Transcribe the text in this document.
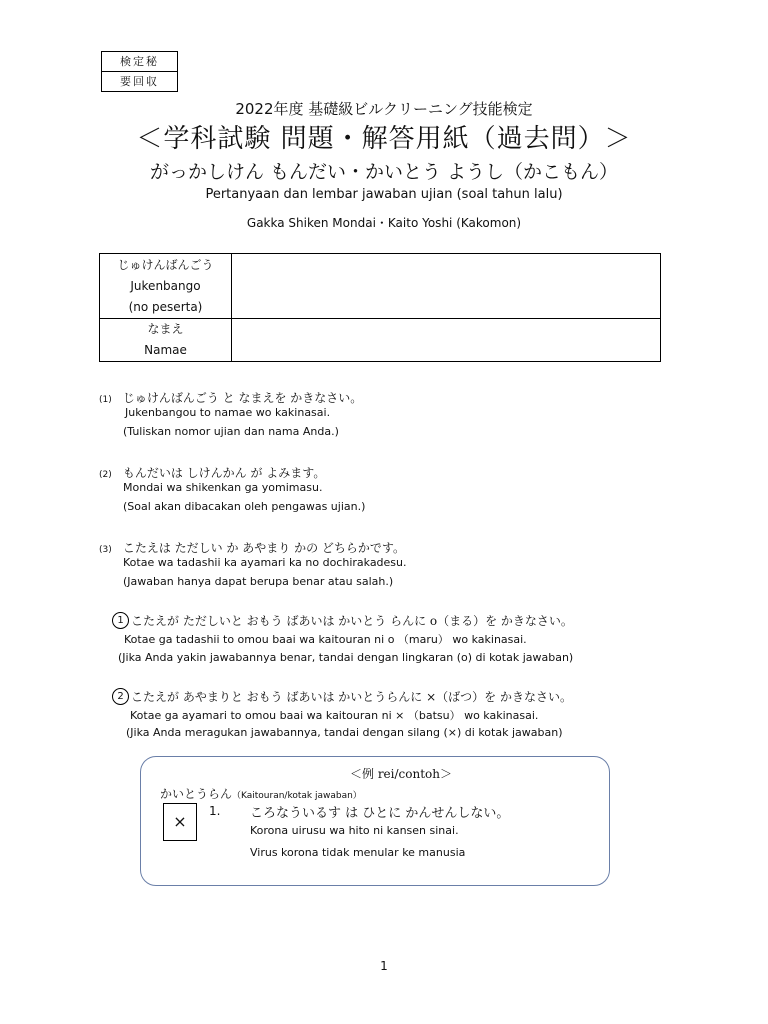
検定秘
要回収
2022年度 基礎級ビルクリーニング技能検定
＜学科試験 問題・解答用紙（過去問）＞
がっかしけん もんだい・かいとう ようし（かこもん）
Pertanyaan dan lembar jawaban ujian (soal tahun lalu)
Gakka Shiken Mondai・Kaito Yoshi (Kakomon)
じゅけんばんごう
Jukenbango
(no peserta)	

なまえ
Namae	

(1) じゅけんばんごう と なまえを かきなさい。
Jukenbangou to namae wo kakinasai.
(Tuliskan nomor ujian dan nama Anda.)
(2) もんだいは しけんかん が よみます。
Mondai wa shikenkan ga yomimasu.
(Soal akan dibacakan oleh pengawas ujian.)
(3) こたえは ただしい か あやまり かの どちらかです。
Kotae wa tadashii ka ayamari ka no dochirakadesu.
(Jawaban hanya dapat berupa benar atau salah.)
1 こたえが ただしいと おもう ばあいは かいとう らんに o（まる）を かきなさい。
Kotae ga tadashii to omou baai wa kaitouran ni o （maru） wo kakinasai.
(Jika Anda yakin jawabannya benar, tandai dengan lingkaran (o) di kotak jawaban)
2 こたえが あやまりと おもう ばあいは かいとうらんに ×（ばつ）を かきなさい。
Kotae ga ayamari to omou baai wa kaitouran ni × （batsu） wo kakinasai.
(Jika Anda meragukan jawabannya, tandai dengan silang (×) di kotak jawaban)
＜例 rei/contoh＞
かいとうらん（Kaitouran/kotak jawaban）
×
1. ころなういるす は ひとに かんせんしない。
Korona uirusu wa hito ni kansen sinai.
Virus korona tidak menular ke manusia
1
